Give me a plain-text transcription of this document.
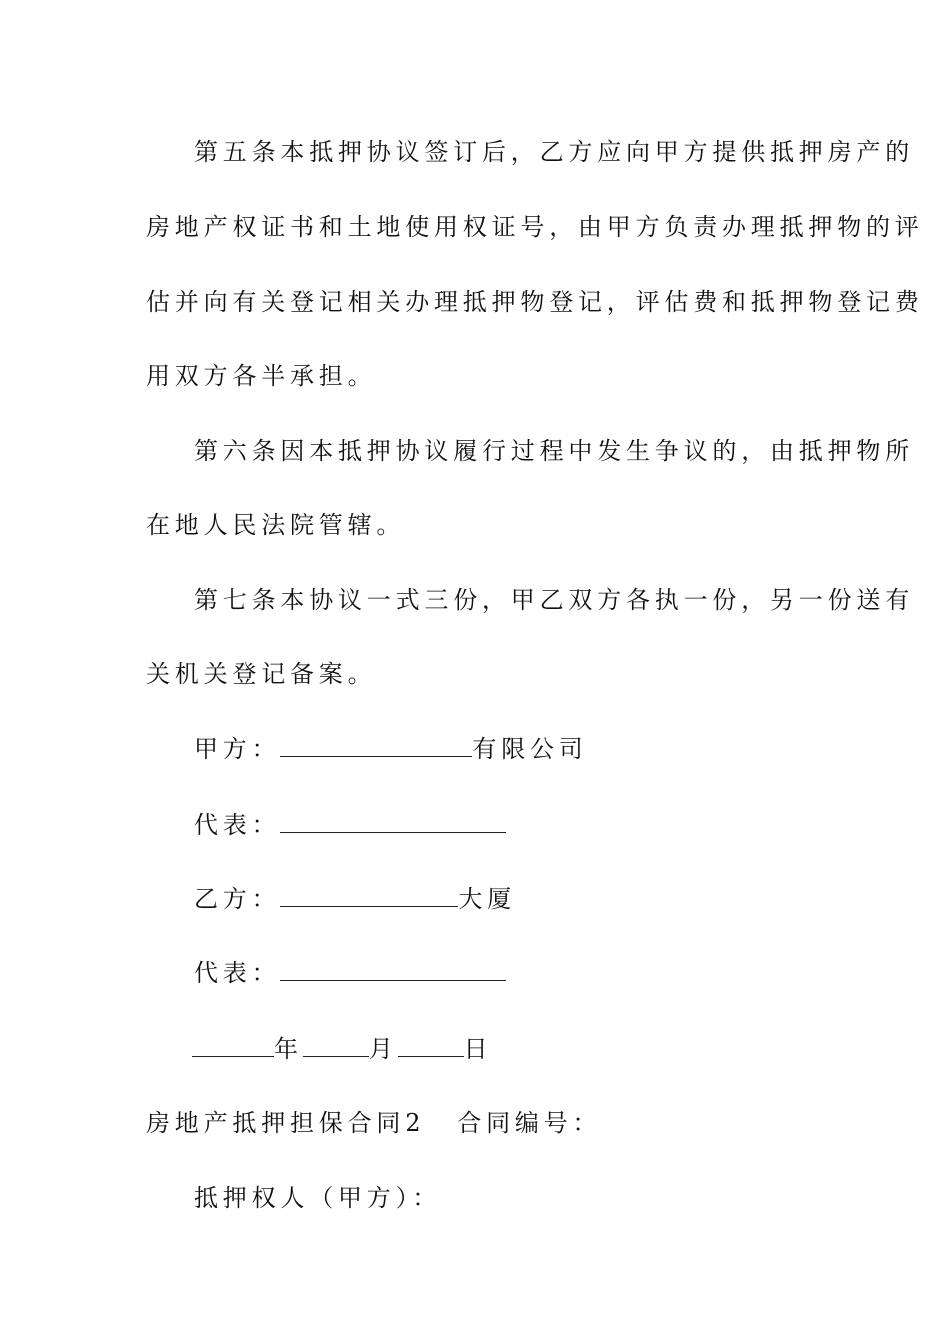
第五条本抵押协议签订后，乙方应向甲方提供抵押房产的
房地产权证书和土地使用权证号，由甲方负责办理抵押物的评
估并向有关登记相关办理抵押物登记，评估费和抵押物登记费
用双方各半承担。
第六条因本抵押协议履行过程中发生争议的，由抵押物所
在地人民法院管辖。
第七条本协议一式三份，甲乙双方各执一份，另一份送有
关机关登记备案。
甲方：	有限公司
代表：
乙方：	大厦
代表：
年	月	日
房地产抵押担保合同2 合同编号：
抵押权人（甲方）：
